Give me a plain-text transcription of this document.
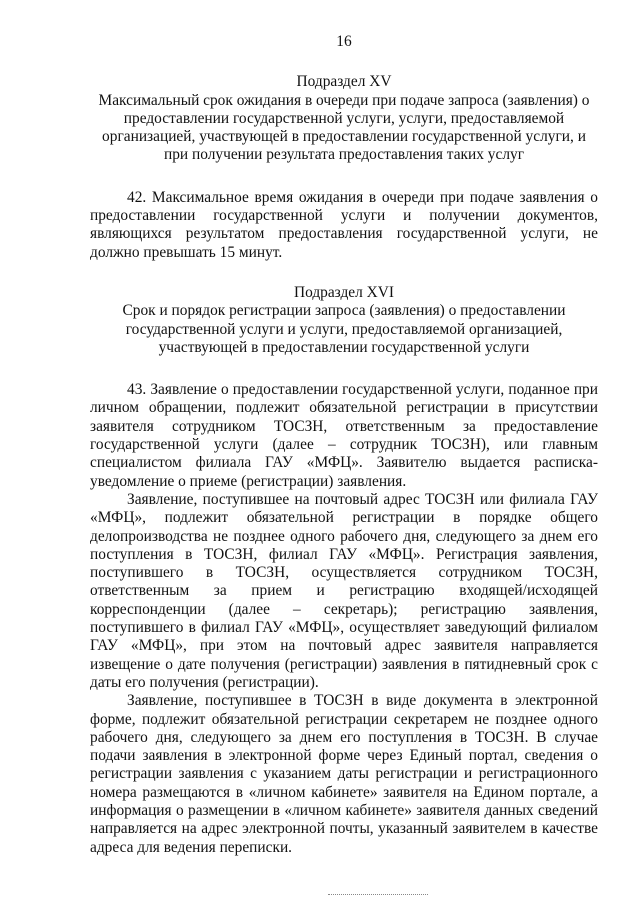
16
Подраздел XV
Максимальный срок ожидания в очереди при подаче запроса (заявления) о предоставлении государственной услуги, услуги, предоставляемой организацией, участвующей в предоставлении государственной услуги, и при получении результата предоставления таких услуг

42. Максимальное время ожидания в очереди при подаче заявления о предоставлении государственной услуги и получении документов, являющихся результатом предоставления государственной услуги, не должно превышать 15 минут.

Подраздел XVI
Срок и порядок регистрации запроса (заявления) о предоставлении государственной услуги и услуги, предоставляемой организацией, участвующей в предоставлении государственной услуги

43. Заявление о предоставлении государственной услуги, поданное при личном обращении, подлежит обязательной регистрации в присутствии заявителя сотрудником ТОСЗН, ответственным за предоставление государственной услуги (далее – сотрудник ТОСЗН), или главным специалистом филиала ГАУ «МФЦ». Заявителю выдается расписка-уведомление о приеме (регистрации) заявления.

Заявление, поступившее на почтовый адрес ТОСЗН или филиала ГАУ «МФЦ», подлежит обязательной регистрации в порядке общего делопроизводства не позднее одного рабочего дня, следующего за днем его поступления в ТОСЗН, филиал ГАУ «МФЦ». Регистрация заявления, поступившего в ТОСЗН, осуществляется сотрудником ТОСЗН, ответственным за прием и регистрацию входящей/исходящей корреспонденции (далее – секретарь); регистрацию заявления, поступившего в филиал ГАУ «МФЦ», осуществляет заведующий филиалом ГАУ «МФЦ», при этом на почтовый адрес заявителя направляется извещение о дате получения (регистрации) заявления в пятидневный срок с даты его получения (регистрации).

Заявление, поступившее в ТОСЗН в виде документа в электронной форме, подлежит обязательной регистрации секретарем не позднее одного рабочего дня, следующего за днем его поступления в ТОСЗН. В случае подачи заявления в электронной форме через Единый портал, сведения о регистрации заявления с указанием даты регистрации и регистрационного номера размещаются в «личном кабинете» заявителя на Едином портале, а информация о размещении в «личном кабинете» заявителя данных сведений направляется на адрес электронной почты, указанный заявителем в качестве адреса для ведения переписки.
